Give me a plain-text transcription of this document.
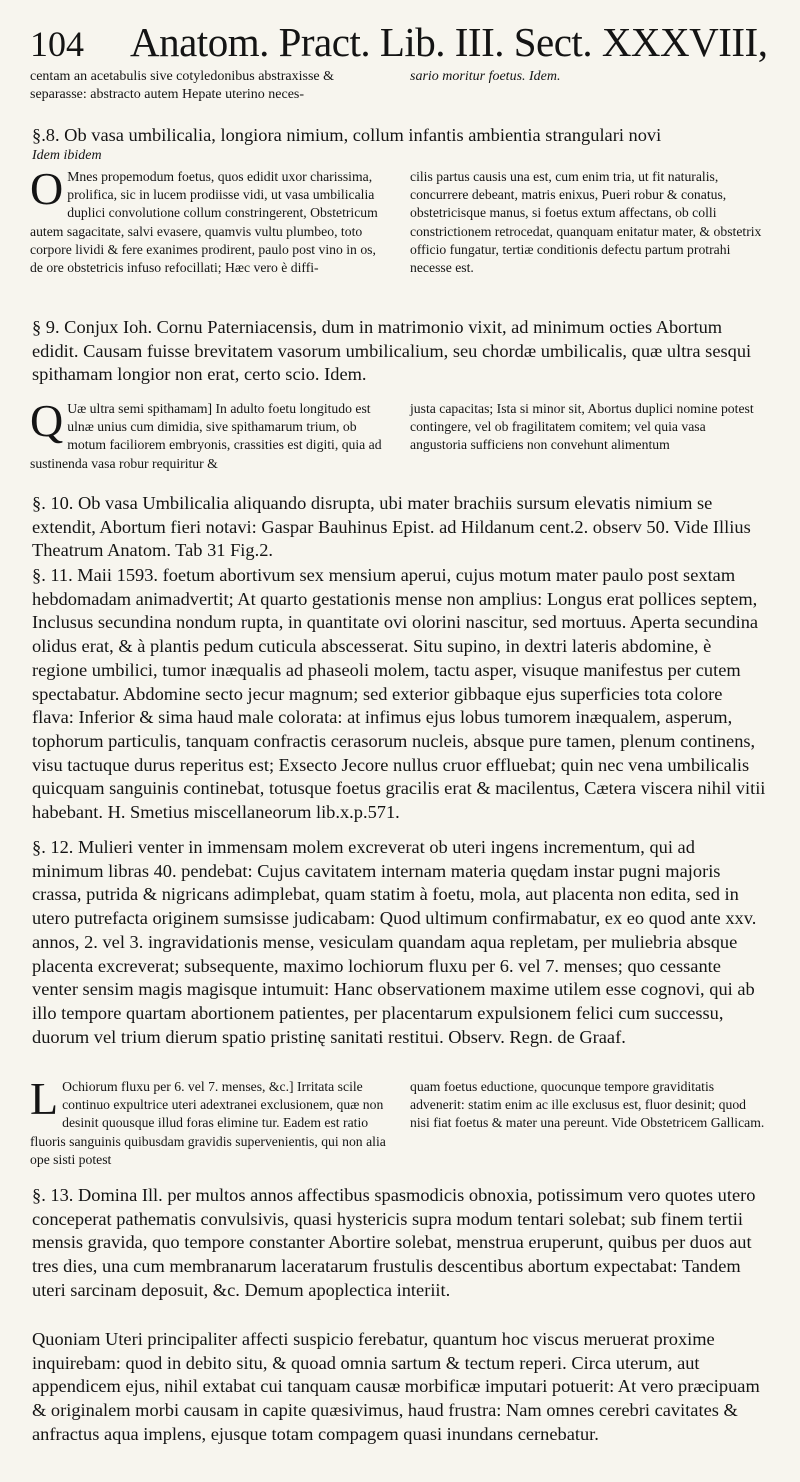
104 Anatom. Pract. Lib. III. Sect. XXXVIII,

centam an acetabulis sive cotyledonibus abstraxisse & separasse: abstracto autem Hepate uterino neces-

sario moritur foetus. Idem.

§.8. Ob vasa umbilicalia, longiora nimium, collum infantis ambientia strangulari novi

Idem ibidem

O Mnes propemodum foetus, quos edidit uxor charissima, prolifica, sic in lucem prodiisse vidi, ut vasa umbilicalia duplici convolutione collum constringerent, Obstetricum autem sagacitate, salvi evasere, quamvis vultu plumbeo, toto corpore lividi & fere exanimes prodirent, paulo post vino in os, de ore obstetricis infuso refocillati; Hæc vero è diffi-

cilis partus causis una est, cum enim tria, ut fit naturalis, concurrere debeant, matris enixus, Pueri robur & conatus, obstetricisque manus, si foetus extum affectans, ob colli constrictionem retrocedat, quanquam enitatur mater, & obstetrix officio fungatur, tertiæ conditionis defectu partum protrahi necesse est.

§ 9. Conjux Ioh. Cornu Paterniacensis, dum in matrimonio vixit, ad minimum octies Abortum edidit. Causam fuisse brevitatem vasorum umbilicalium, seu chordæ umbilicalis, quæ ultra sesqui spithamam longior non erat, certo scio. Idem.

Q Uæ ultra semi spithamam] In adulto foetu longitudo est ulnæ unius cum dimidia, sive spithamarum trium, ob motum faciliorem embryonis, crassities est digiti, quia ad sustinenda vasa robur requiritur &

justa capacitas; Ista si minor sit, Abortus duplici nomine potest contingere, vel ob fragilitatem comitem; vel quia vasa angustoria sufficiens non convehunt alimentum

§. 10. Ob vasa Umbilicalia aliquando disrupta, ubi mater brachiis sursum elevatis nimium se extendit, Abortum fieri notavi: Gaspar Bauhinus Epist. ad Hildanum cent.2. observ 50. Vide Illius Theatrum Anatom. Tab 31 Fig.2.

§. 11. Maii 1593. foetum abortivum sex mensium aperui, cujus motum mater paulo post sextam hebdomadam animadvertit; At quarto gestationis mense non amplius: Longus erat pollices septem, Inclusus secundina nondum rupta, in quantitate ovi olorini nascitur, sed mortuus. Aperta secundina olidus erat, & à plantis pedum cuticula abscesserat. Situ supino, in dextri lateris abdomine, è regione umbilici, tumor inæqualis ad phaseoli molem, tactu asper, visuque manifestus per cutem spectabatur. Abdomine secto jecur magnum; sed exterior gibbaque ejus superficies tota colore flava: Inferior & sima haud male colorata: at infimus ejus lobus tumorem inæqualem, asperum, tophorum particulis, tanquam confractis cerasorum nucleis, absque pure tamen, plenum continens, visu tactuque durus reperitus est; Exsecto Jecore nullus cruor effluebat; quin nec vena umbilicalis quicquam sanguinis continebat, totusque foetus gracilis erat & macilentus, Cætera viscera nihil vitii habebant. H. Smetius miscellaneorum lib.x.p.571.

§. 12. Mulieri venter in immensam molem excreverat ob uteri ingens incrementum, qui ad minimum libras 40. pendebat: Cujus cavitatem internam materia quędam instar pugni majoris crassa, putrida & nigricans adimplebat, quam statim à foetu, mola, aut placenta non edita, sed in utero putrefacta originem sumsisse judicabam: Quod ultimum confirmabatur, ex eo quod ante xxv. annos, 2. vel 3. ingravidationis mense, vesiculam quandam aqua repletam, per muliebria absque placenta excreverat; subsequente, maximo lochiorum fluxu per 6. vel 7. menses; quo cessante venter sensim magis magisque intumuit: Hanc observationem maxime utilem esse cognovi, qui ab illo tempore quartam abortionem patientes, per placentarum expulsionem felici cum successu, duorum vel trium dierum spatio pristinę sanitati restitui. Observ. Regn. de Graaf.

L Ochiorum fluxu per 6. vel 7. menses, &c.] Irritata scile continuo expultrice uteri adextranei exclusionem, quæ non desinit quousque illud foras elimine tur. Eadem est ratio fluoris sanguinis quibusdam gravidis supervenientis, qui non alia ope sisti potest

quam foetus eductione, quocunque tempore graviditatis advenerit: statim enim ac ille exclusus est, fluor desinit; quod nisi fiat foetus & mater una pereunt. Vide Obstetricem Gallicam.

§. 13. Domina Ill. per multos annos affectibus spasmodicis obnoxia, potissimum vero quotes utero conceperat pathematis convulsivis, quasi hystericis supra modum tentari solebat; sub finem tertii mensis gravida, quo tempore constanter Abortire solebat, menstrua eruperunt, quibus per duos aut tres dies, una cum membranarum laceratarum frustulis descentibus abortum expectabat: Tandem uteri sarcinam deposuit, &c. Demum apoplectica interiit.

Quoniam Uteri principaliter affecti suspicio ferebatur, quantum hoc viscus meruerat proxime inquirebam: quod in debito situ, & quoad omnia sartum & tectum reperi. Circa uterum, aut appendicem ejus, nihil extabat cui tanquam causæ morbificæ imputari potuerit: At vero præcipuam & originalem morbi causam in capite quæsivimus, haud frustra: Nam omnes cerebri cavitates & anfractus aqua implens, ejusque totam compagem quasi inundans cernebatur.
